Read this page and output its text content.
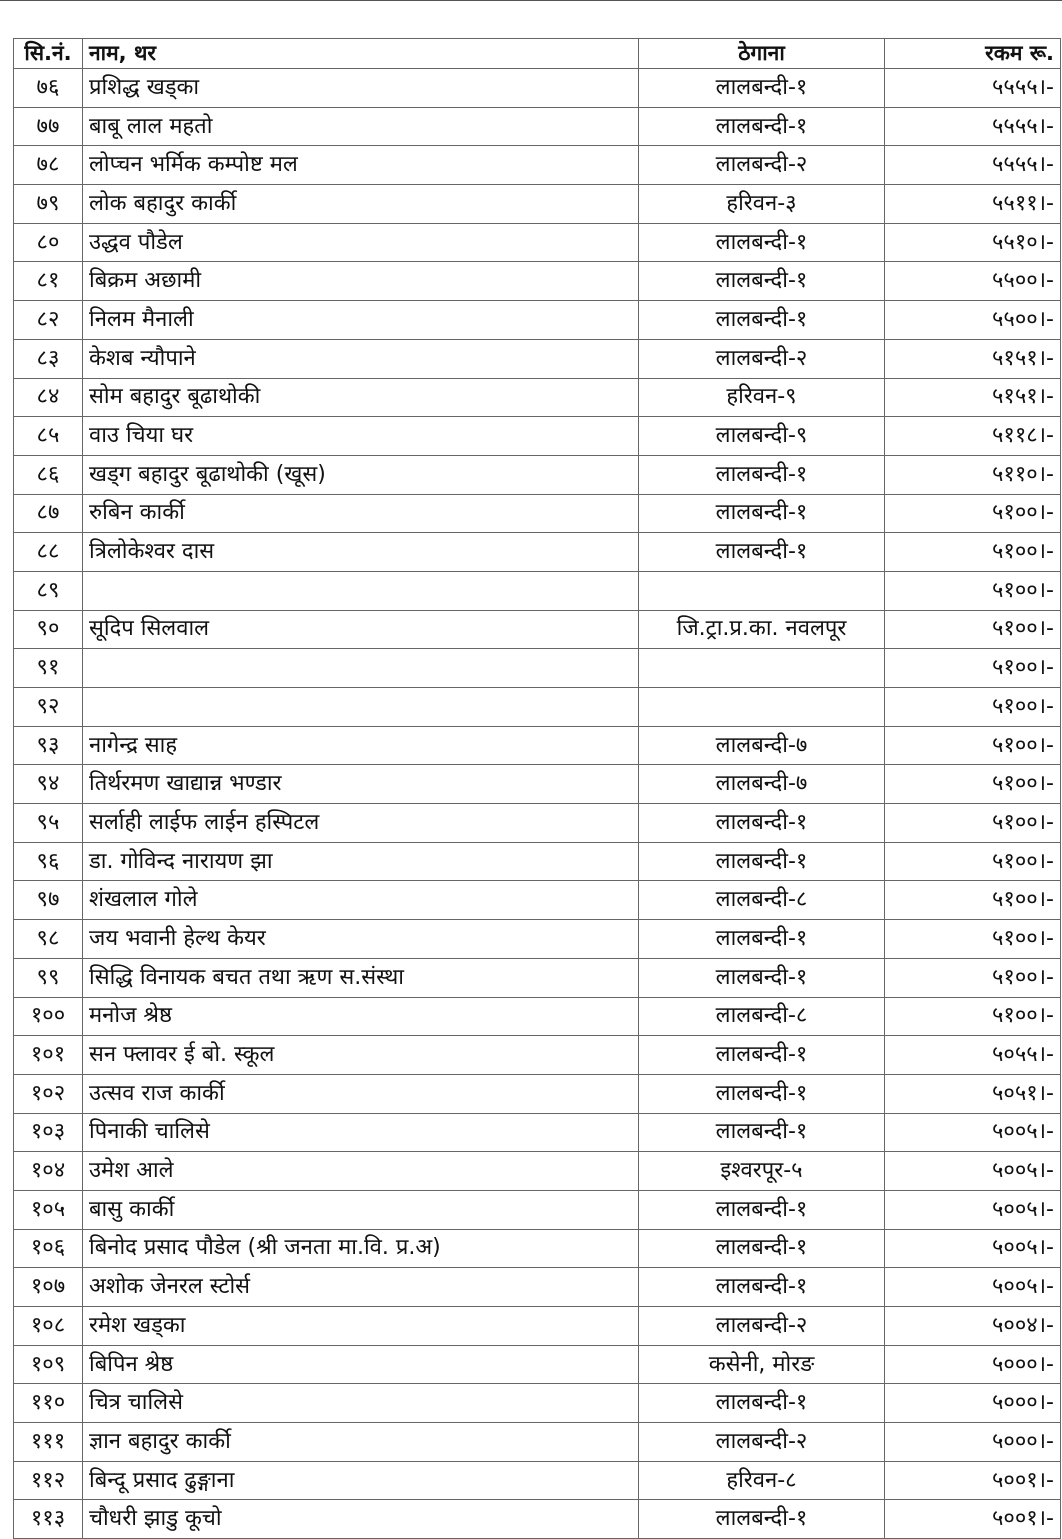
सि.नं.	नाम, थर	ठेगाना	रकम रू.
७६	प्रशिद्ध खड्का	लालबन्दी-१	५५५५।-
७७	बाबू लाल महतो	लालबन्दी-१	५५५५।-
७८	लोप्चन भर्मिक कम्पोष्ट मल	लालबन्दी-२	५५५५।-
७९	लोक बहादुर कार्की	हरिवन-३	५५११।-
८०	उद्धव पौडेल	लालबन्दी-१	५५१०।-
८१	बिक्रम अछामी	लालबन्दी-१	५५००।-
८२	निलम मैनाली	लालबन्दी-१	५५००।-
८३	केशब न्यौपाने	लालबन्दी-२	५१५१।-
८४	सोम बहादुर बूढाथोकी	हरिवन-९	५१५१।-
८५	वाउ चिया घर	लालबन्दी-९	५११८।-
८६	खड्ग बहादुर बूढाथोकी (खूस)	लालबन्दी-१	५११०।-
८७	रुबिन कार्की	लालबन्दी-१	५१००।-
८८	त्रिलोकेश्वर दास	लालबन्दी-१	५१००।-
८९			५१००।-
९०	सूदिप सिलवाल	जि.ट्रा.प्र.का. नवलपूर	५१००।-
९१			५१००।-
९२			५१००।-
९३	नागेन्द्र साह	लालबन्दी-७	५१००।-
९४	तिर्थरमण खाद्यान्न भण्डार	लालबन्दी-७	५१००।-
९५	सर्लाही लाईफ लाईन हस्पिटल	लालबन्दी-१	५१००।-
९६	डा. गोविन्द नारायण झा	लालबन्दी-१	५१००।-
९७	शंखलाल गोले	लालबन्दी-८	५१००।-
९८	जय भवानी हेल्थ केयर	लालबन्दी-१	५१००।-
९९	सिद्धि विनायक बचत तथा ऋण स.संस्था	लालबन्दी-१	५१००।-
१००	मनोज श्रेष्ठ	लालबन्दी-८	५१००।-
१०१	सन फ्लावर ई बो. स्कूल	लालबन्दी-१	५०५५।-
१०२	उत्सव राज कार्की	लालबन्दी-१	५०५१।-
१०३	पिनाकी चालिसे	लालबन्दी-१	५००५।-
१०४	उमेश आले	इश्वरपूर-५	५००५।-
१०५	बासु कार्की	लालबन्दी-१	५००५।-
१०६	बिनोद प्रसाद पौडेल (श्री जनता मा.वि. प्र.अ)	लालबन्दी-१	५००५।-
१०७	अशोक जेनरल स्टोर्स	लालबन्दी-१	५००५।-
१०८	रमेश खड्का	लालबन्दी-२	५००४।-
१०९	बिपिन श्रेष्ठ	कसेनी, मोरङ	५०००।-
११०	चित्र चालिसे	लालबन्दी-१	५०००।-
१११	ज्ञान बहादुर कार्की	लालबन्दी-२	५०००।-
११२	बिन्दू प्रसाद ढुङ्गाना	हरिवन-८	५००१।-
११३	चौधरी झाडु कूचो	लालबन्दी-१	५००१।-
